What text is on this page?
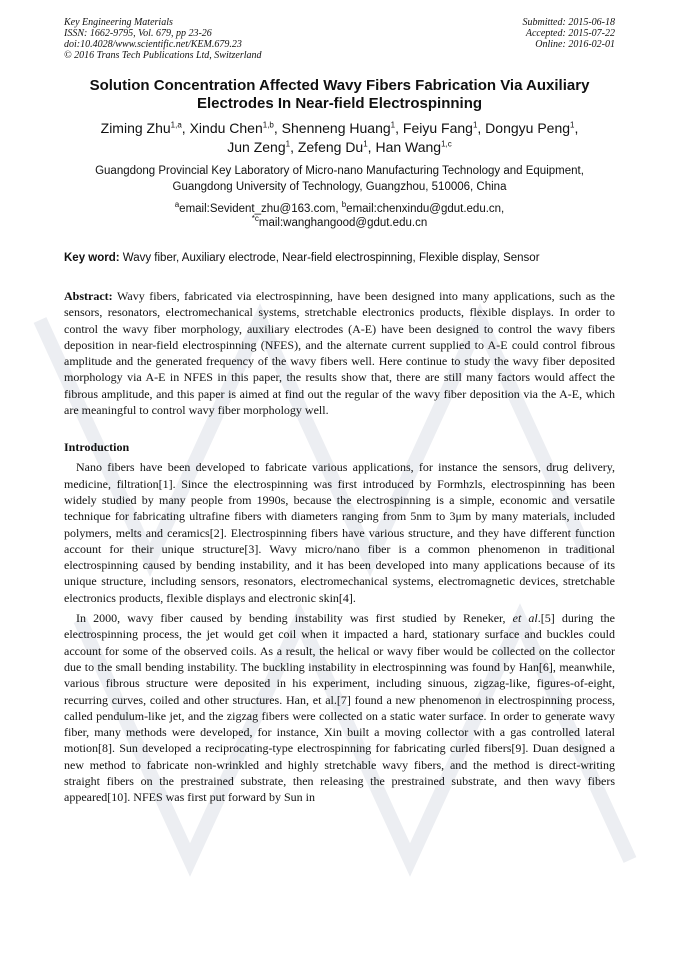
Key Engineering Materials
ISSN: 1662-9795, Vol. 679, pp 23-26
doi:10.4028/www.scientific.net/KEM.679.23
© 2016 Trans Tech Publications Ltd, Switzerland
Submitted: 2015-06-18
Accepted: 2015-07-22
Online: 2016-02-01
Solution Concentration Affected Wavy Fibers Fabrication Via Auxiliary Electrodes In Near-field Electrospinning
Ziming Zhu$^{1,a}$, Xindu Chen$^{1,b}$, Shenneng Huang$^1$, Feiyu Fang$^1$, Dongyu Peng$^1$,
Jun Zeng$^1$, Zefeng Du$^1$, Han Wang$^{1,c}$
Guangdong Provincial Key Laboratory of Micro-nano Manufacturing Technology and Equipment,
Guangdong University of Technology, Guangzhou, 510006, China
$^a$email:Sevident_zhu@163.com, $^b$email:chenxindu@gdut.edu.cn,
$^{*c}$mail:wanghangood@gdut.edu.cn
Key word: Wavy fiber, Auxiliary electrode, Near-field electrospinning, Flexible display, Sensor
Abstract: Wavy fibers, fabricated via electrospinning, have been designed into many applications, such as the sensors, resonators, electromechanical systems, stretchable electronics products, flexible displays. In order to control the wavy fiber morphology, auxiliary electrodes (A-E) have been designed to control the wavy fibers deposition in near-field electrospinning (NFES), and the alternate current supplied to A-E could control fibrous amplitude and the generated frequency of the wavy fibers well. Here continue to study the wavy fiber deposited morphology via A-E in NFES in this paper, the results show that, there are still many factors would affect the fibrous amplitude, and this paper is aimed at find out the regular of the wavy fiber deposition via the A-E, which are meaningful to control wavy fiber morphology well.
Introduction

Nano fibers have been developed to fabricate various applications, for instance the sensors, drug delivery, medicine, filtration[1]. Since the electrospinning was first introduced by Formhzls, electrospinning has been widely studied by many people from 1990s, because the electrospinning is a simple, economic and versatile technique for fabricating ultrafine fibers with diameters ranging from 5nm to 3μm by many materials, included polymers, melts and ceramics[2]. Electrospinning fibers have various structure, and they have different function account for their unique structure[3]. Wavy micro/nano fiber is a common phenomenon in traditional electrospinning caused by bending instability, and it has been developed into many applications because of its unique structure, including sensors, resonators, electromechanical systems, electromagnetic devices, stretchable electronics products, flexible displays and electronic skin[4].

In 2000, wavy fiber caused by bending instability was first studied by Reneker, et al.[5] during the electrospinning process, the jet would get coil when it impacted a hard, stationary surface and buckles could account for some of the observed coils. As a result, the helical or wavy fiber would be collected on the collector due to the small bending instability. The buckling instability in electrospinning was found by Han[6], meanwhile, various fibrous structure were deposited in his experiment, including sinuous, zigzag-like, figures-of-eight, recurring curves, coiled and other structures. Han, et al.[7] found a new phenomenon in electrospinning process, called pendulum-like jet, and the zigzag fibers were collected on a static water surface. In order to generate wavy fiber, many methods were developed, for instance, Xin built a moving collector with a gas controlled lateral motion[8]. Sun developed a reciprocating-type electrospinning for fabricating curled fibers[9]. Duan designed a new method to fabricate non-wrinkled and highly stretchable wavy fibers, and the method is direct-writing straight fibers on the prestrained substrate, then releasing the prestrained substrate, and then wavy fibers appeared[10]. NFES was first put forward by Sun in
